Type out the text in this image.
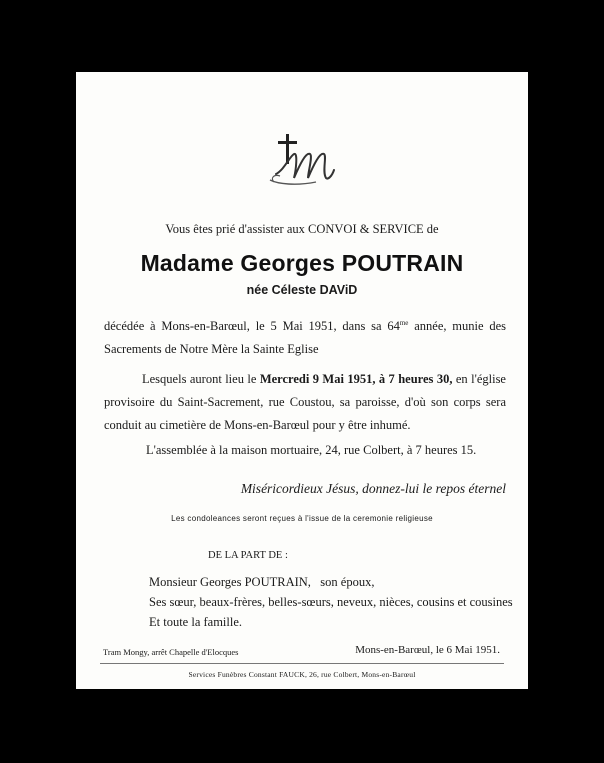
Vous êtes prié d'assister aux CONVOI & SERVICE de
Madame Georges POUTRAIN
née Céleste DAViD
décédée à Mons-en-Barœul, le 5 Mai 1951, dans sa $64^{me}$ année, munie des Sacrements de Notre Mère la Sainte Eglise
Lesquels auront lieu le Mercredi 9 Mai 1951, à 7 heures 30, en l'église provisoire du Saint-Sacrement, rue Coustou, sa paroisse, d'où son corps sera conduit au cimetière de Mons-en-Barœul pour y être inhumé.
L'assemblée à la maison mortuaire, 24, rue Colbert, à 7 heures 15.
Miséricordieux Jésus, donnez-lui le repos éternel
Les condoleances seront reçues à l'issue de la ceremonie religieuse
DE LA PART DE :
Monsieur Georges POUTRAIN,   son époux,
Ses sœur, beaux-frères, belles-sœurs, neveux, nièces, cousins et cousines
Et toute la famille.
Tram Mongy, arrêt Chapelle d'Elocques	Mons-en-Barœul, le 6 Mai 1951.
Services Funèbres Constant FAUCK, 26, rue Colbert, Mons-en-Barœul
